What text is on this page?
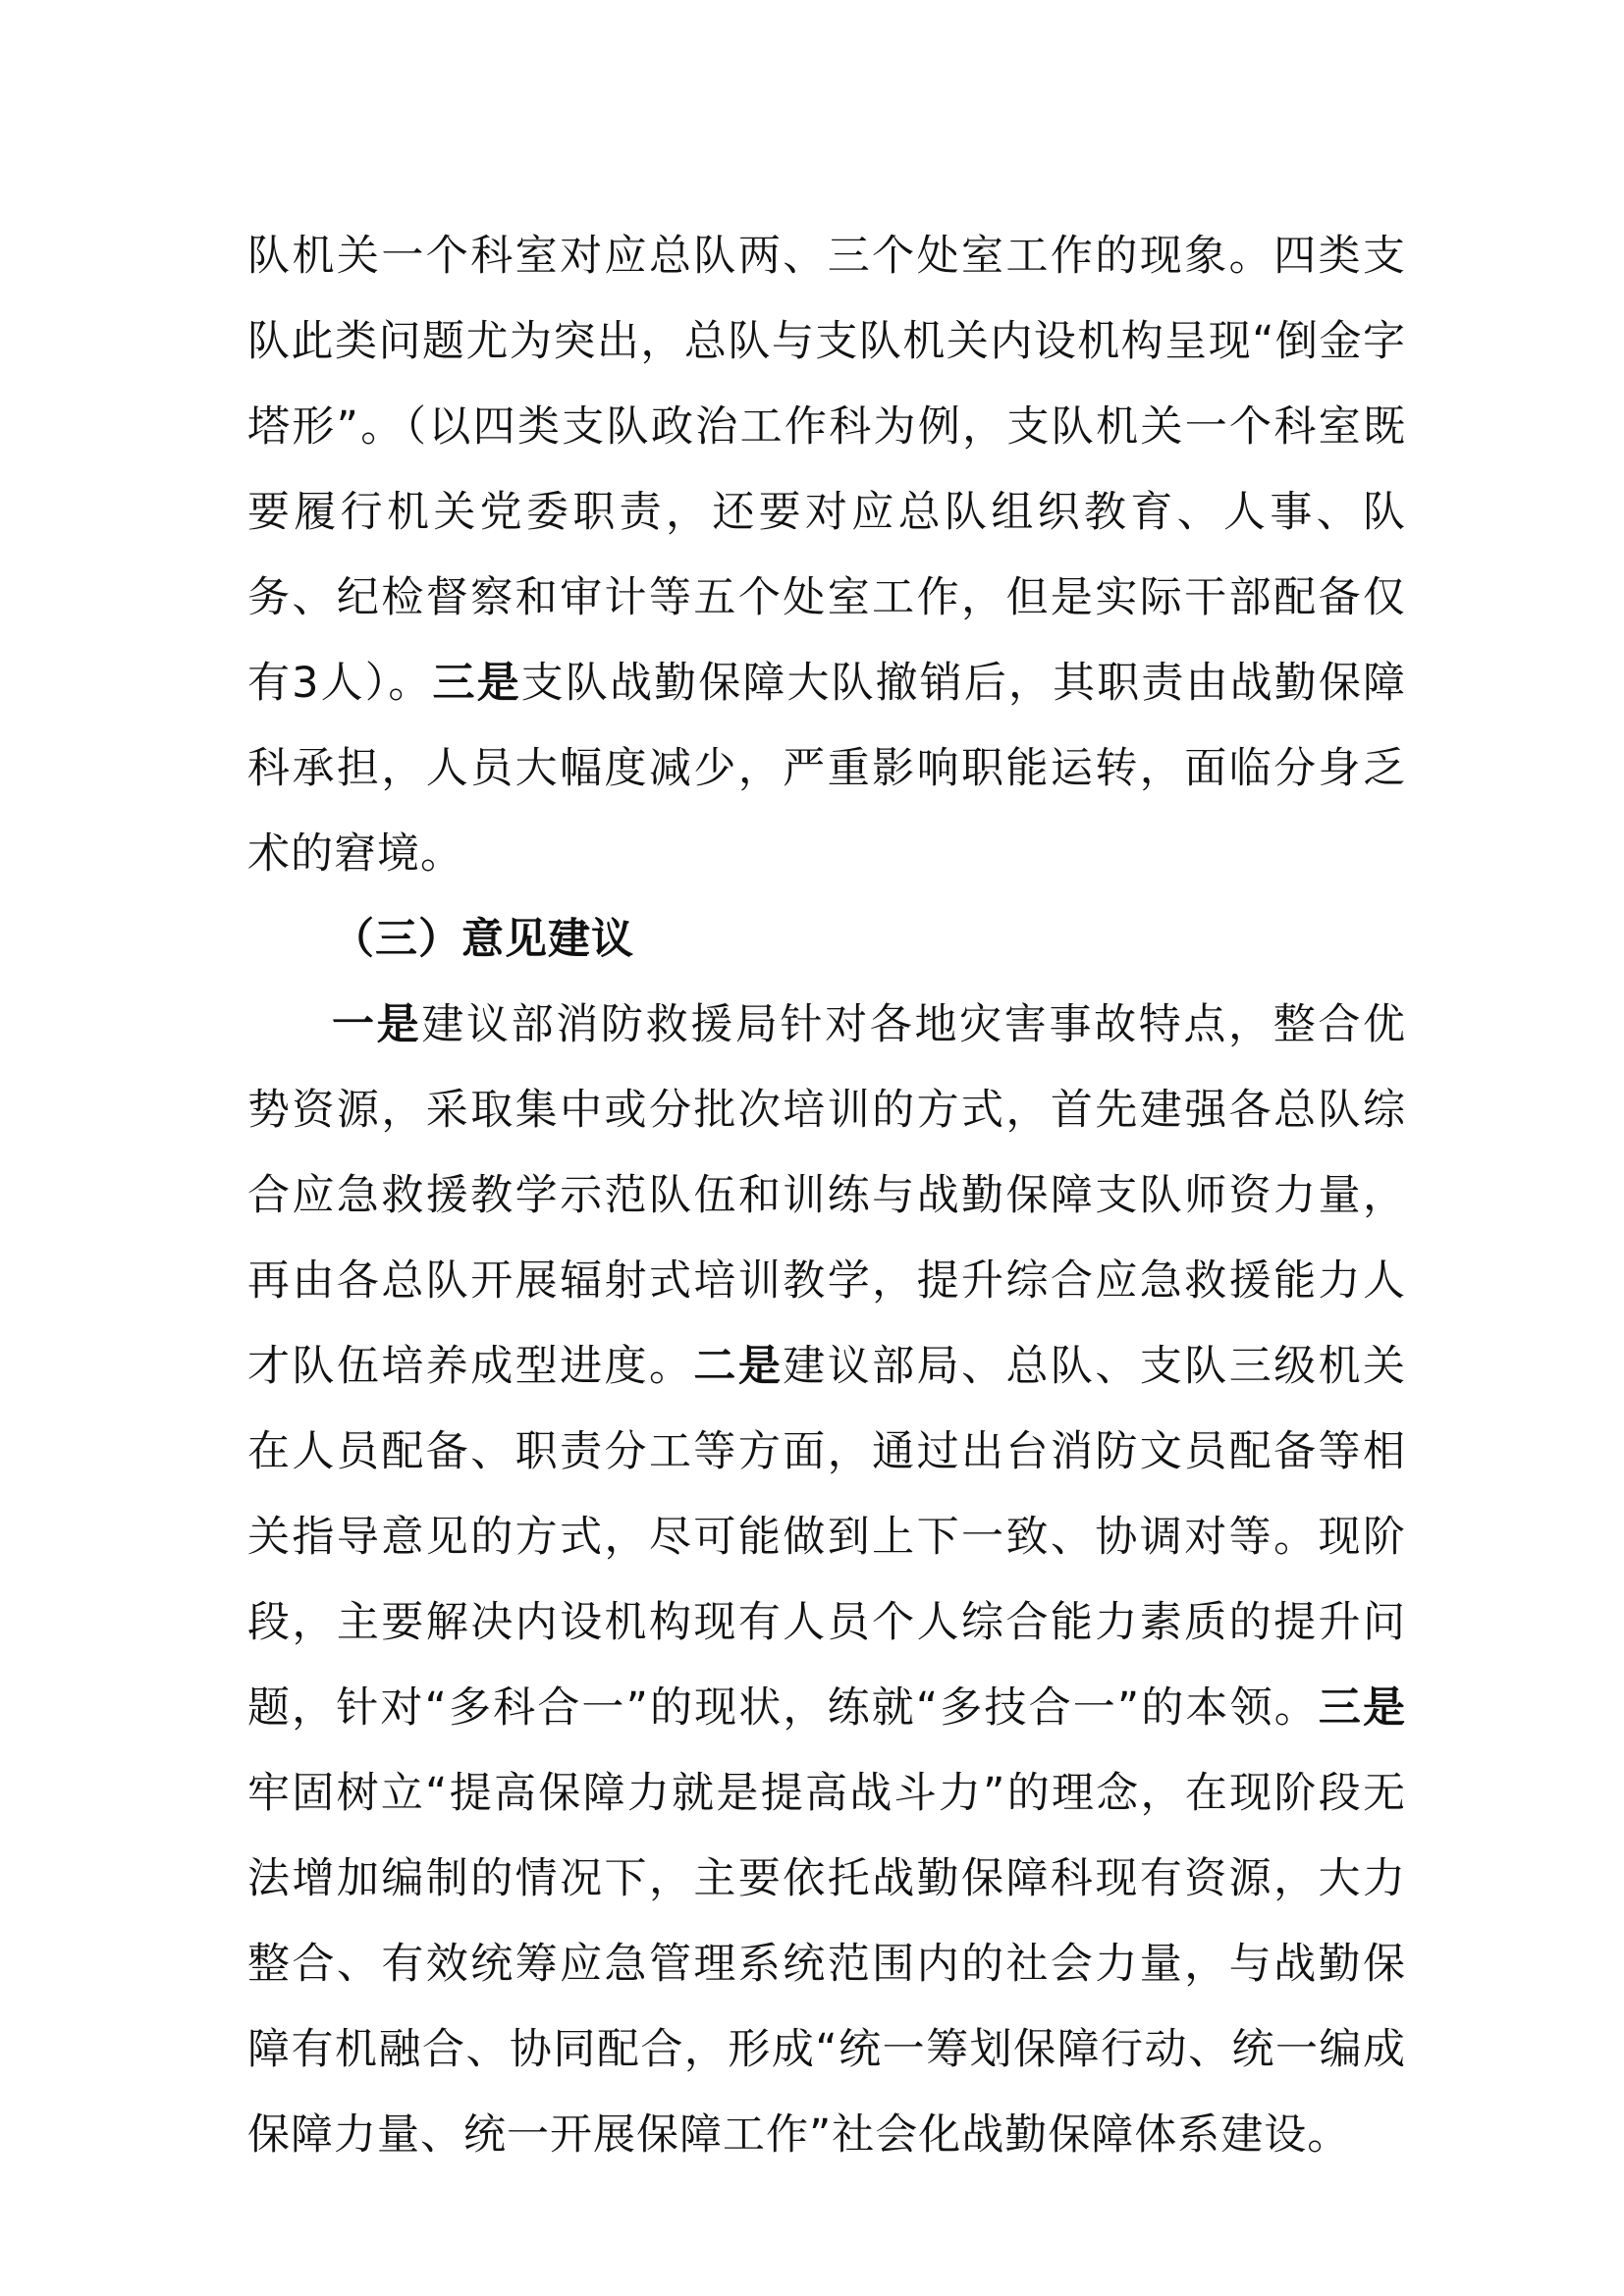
队机关一个科室对应总队两、三个处室工作的现象。四类支队此类问题尤为突出，总队与支队机关内设机构呈现“倒金字塔形”。（以四类支队政治工作科为例，支队机关一个科室既要履行机关党委职责，还要对应总队组织教育、人事、队务、纪检督察和审计等五个处室工作，但是实际干部配备仅有3人）。三是支队战勤保障大队撤销后，其职责由战勤保障科承担，人员大幅度减少，严重影响职能运转，面临分身乏术的窘境。

（三）意见建议

一是建议部消防救援局针对各地灾害事故特点，整合优势资源，采取集中或分批次培训的方式，首先建强各总队综合应急救援教学示范队伍和训练与战勤保障支队师资力量，再由各总队开展辐射式培训教学，提升综合应急救援能力人才队伍培养成型进度。二是建议部局、总队、支队三级机关在人员配备、职责分工等方面，通过出台消防文员配备等相关指导意见的方式，尽可能做到上下一致、协调对等。现阶段，主要解决内设机构现有人员个人综合能力素质的提升问题，针对“多科合一”的现状，练就“多技合一”的本领。三是牢固树立“提高保障力就是提高战斗力”的理念，在现阶段无法增加编制的情况下，主要依托战勤保障科现有资源，大力整合、有效统筹应急管理系统范围内的社会力量，与战勤保障有机融合、协同配合，形成“统一筹划保障行动、统一编成保障力量、统一开展保障工作”社会化战勤保障体系建设。
